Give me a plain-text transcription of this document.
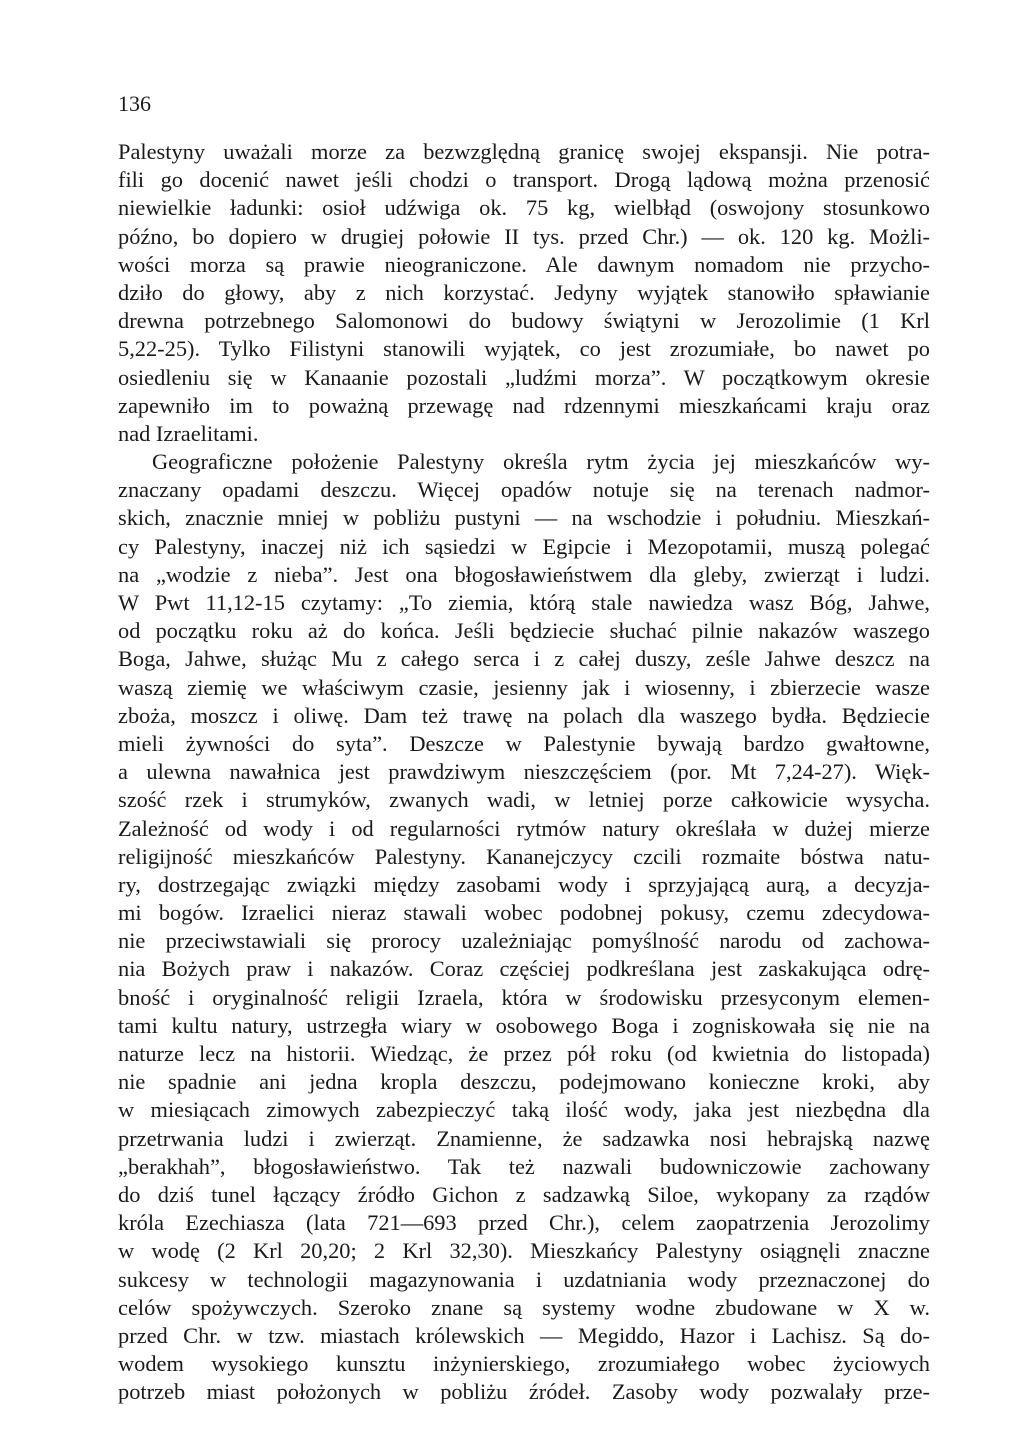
136
Palestyny uważali morze za bezwzględną granicę swojej ekspansji. Nie potra-
fili go docenić nawet jeśli chodzi o transport. Drogą lądową można przenosić
niewielkie ładunki: osioł udźwiga ok. 75 kg, wielbłąd (oswojony stosunkowo
późno, bo dopiero w drugiej połowie II tys. przed Chr.) — ok. 120 kg. Możli-
wości morza są prawie nieograniczone. Ale dawnym nomadom nie przycho-
dziło do głowy, aby z nich korzystać. Jedyny wyjątek stanowiło spławianie
drewna potrzebnego Salomonowi do budowy świątyni w Jerozolimie (1 Krl
5,22-25). Tylko Filistyni stanowili wyjątek, co jest zrozumiałe, bo nawet po
osiedleniu się w Kanaanie pozostali „ludźmi morza”. W początkowym okresie
zapewniło im to poważną przewagę nad rdzennymi mieszkańcami kraju oraz
nad Izraelitami.
Geograficzne położenie Palestyny określa rytm życia jej mieszkańców wy-
znaczany opadami deszczu. Więcej opadów notuje się na terenach nadmor-
skich, znacznie mniej w pobliżu pustyni — na wschodzie i południu. Mieszkań-
cy Palestyny, inaczej niż ich sąsiedzi w Egipcie i Mezopotamii, muszą polegać
na „wodzie z nieba”. Jest ona błogosławieństwem dla gleby, zwierząt i ludzi.
W Pwt 11,12-15 czytamy: „To ziemia, którą stale nawiedza wasz Bóg, Jahwe,
od początku roku aż do końca. Jeśli będziecie słuchać pilnie nakazów waszego
Boga, Jahwe, służąc Mu z całego serca i z całej duszy, ześle Jahwe deszcz na
waszą ziemię we właściwym czasie, jesienny jak i wiosenny, i zbierzecie wasze
zboża, moszcz i oliwę. Dam też trawę na polach dla waszego bydła. Będziecie
mieli żywności do syta”. Deszcze w Palestynie bywają bardzo gwałtowne,
a ulewna nawałnica jest prawdziwym nieszczęściem (por. Mt 7,24-27). Więk-
szość rzek i strumyków, zwanych wadi, w letniej porze całkowicie wysycha.
Zależność od wody i od regularności rytmów natury określała w dużej mierze
religijność mieszkańców Palestyny. Kananejczycy czcili rozmaite bóstwa natu-
ry, dostrzegając związki między zasobami wody i sprzyjającą aurą, a decyzja-
mi bogów. Izraelici nieraz stawali wobec podobnej pokusy, czemu zdecydowa-
nie przeciwstawiali się prorocy uzależniając pomyślność narodu od zachowa-
nia Bożych praw i nakazów. Coraz częściej podkreślana jest zaskakująca odrę-
bność i oryginalność religii Izraela, która w środowisku przesyconym elemen-
tami kultu natury, ustrzegła wiary w osobowego Boga i zogniskowała się nie na
naturze lecz na historii. Wiedząc, że przez pół roku (od kwietnia do listopada)
nie spadnie ani jedna kropla deszczu, podejmowano konieczne kroki, aby
w miesiącach zimowych zabezpieczyć taką ilość wody, jaka jest niezbędna dla
przetrwania ludzi i zwierząt. Znamienne, że sadzawka nosi hebrajską nazwę
„berakhah”, błogosławieństwo. Tak też nazwali budowniczowie zachowany
do dziś tunel łączący źródło Gichon z sadzawką Siloe, wykopany za rządów
króla Ezechiasza (lata 721—693 przed Chr.), celem zaopatrzenia Jerozolimy
w wodę (2 Krl 20,20; 2 Krl 32,30). Mieszkańcy Palestyny osiągnęli znaczne
sukcesy w technologii magazynowania i uzdatniania wody przeznaczonej do
celów spożywczych. Szeroko znane są systemy wodne zbudowane w X w.
przed Chr. w tzw. miastach królewskich — Megiddo, Hazor i Lachisz. Są do-
wodem wysokiego kunsztu inżynierskiego, zrozumiałego wobec życiowych
potrzeb miast położonych w pobliżu źródeł. Zasoby wody pozwalały prze-
